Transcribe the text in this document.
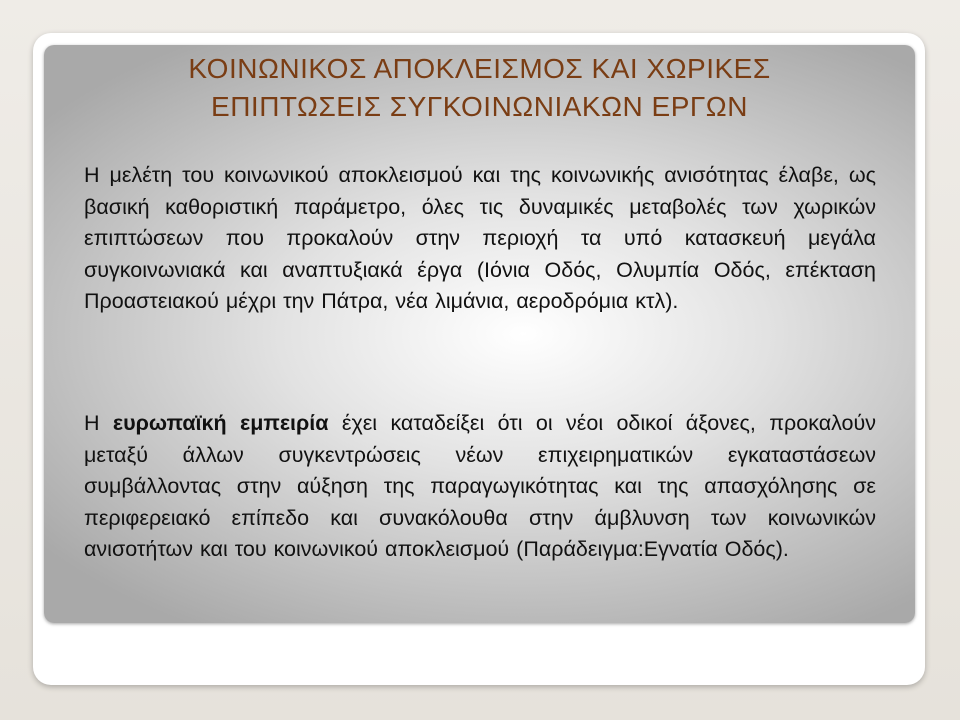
ΚΟΙΝΩΝΙΚΟΣ ΑΠΟΚΛΕΙΣΜΟΣ ΚΑΙ ΧΩΡΙΚΕΣ
ΕΠΙΠΤΩΣΕΙΣ ΣΥΓΚΟΙΝΩΝΙΑΚΩΝ ΕΡΓΩΝ

Η μελέτη του κοινωνικού αποκλεισμού και της κοινωνικής ανισότητας έλαβε, ως βασική καθοριστική παράμετρο, όλες τις δυναμικές μεταβολές των χωρικών επιπτώσεων που προκαλούν στην περιοχή τα υπό κατασκευή μεγάλα συγκοινωνιακά και αναπτυξιακά έργα (Ιόνια Οδός, Ολυμπία Οδός, επέκταση Προαστειακού μέχρι την Πάτρα, νέα λιμάνια, αεροδρόμια κτλ).

Η ευρωπαϊκή εμπειρία έχει καταδείξει ότι οι νέοι οδικοί άξονες, προκαλούν μεταξύ άλλων συγκεντρώσεις νέων επιχειρηματικών εγκαταστάσεων συμβάλλοντας στην αύξηση της παραγωγικότητας και της απασχόλησης σε περιφερειακό επίπεδο και συνακόλουθα στην άμβλυνση των κοινωνικών ανισοτήτων και του κοινωνικού αποκλεισμού (Παράδειγμα:Εγνατία Οδός).
